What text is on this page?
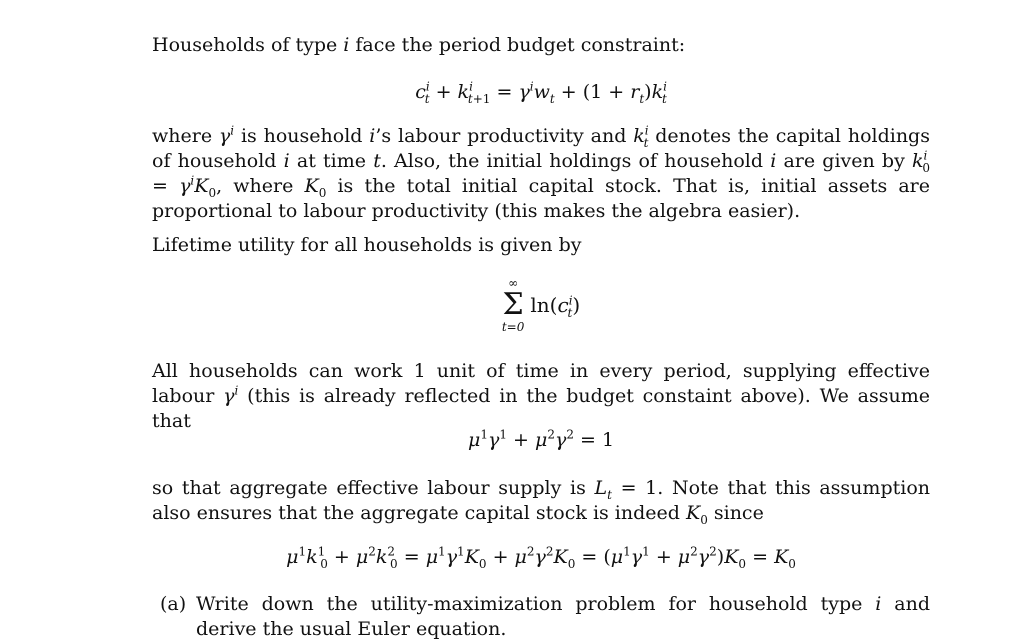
Households of type i face the period budget constraint:

$c^i_t + k^i_{t+1} = \gamma^iw_t + (1 + r_t)k^i_t$

where $\gamma^i$ is household i’s labour productivity and $k^i_t$ denotes the capital holdings of household i at time t. Also, the initial holdings of household i are given by $k^i_0 = \gamma^iK_0$, where $K_0$ is the total initial capital stock. That is, initial assets are proportional to labour productivity (this makes the algebra easier).

Lifetime utility for all households is given by

∞
Σ
t=0
$\ln(c^i_t)$

All households can work 1 unit of time in every period, supplying effective labour $\gamma^i$ (this is already reflected in the budget constaint above). We assume that

$\mu^1\gamma^1 + \mu^2\gamma^2 = 1$

so that aggregate effective labour supply is $L_t = 1$. Note that this assumption also ensures that the aggregate capital stock is indeed $K_0$ since

$\mu^1k^1_0 + \mu^2k^2_0 = \mu^1\gamma^1K_0 + \mu^2\gamma^2K_0 = (\mu^1\gamma^1 + \mu^2\gamma^2)K_0 = K_0$
(a) Write down the utility-maximization problem for household type i and derive the usual Euler equation.
